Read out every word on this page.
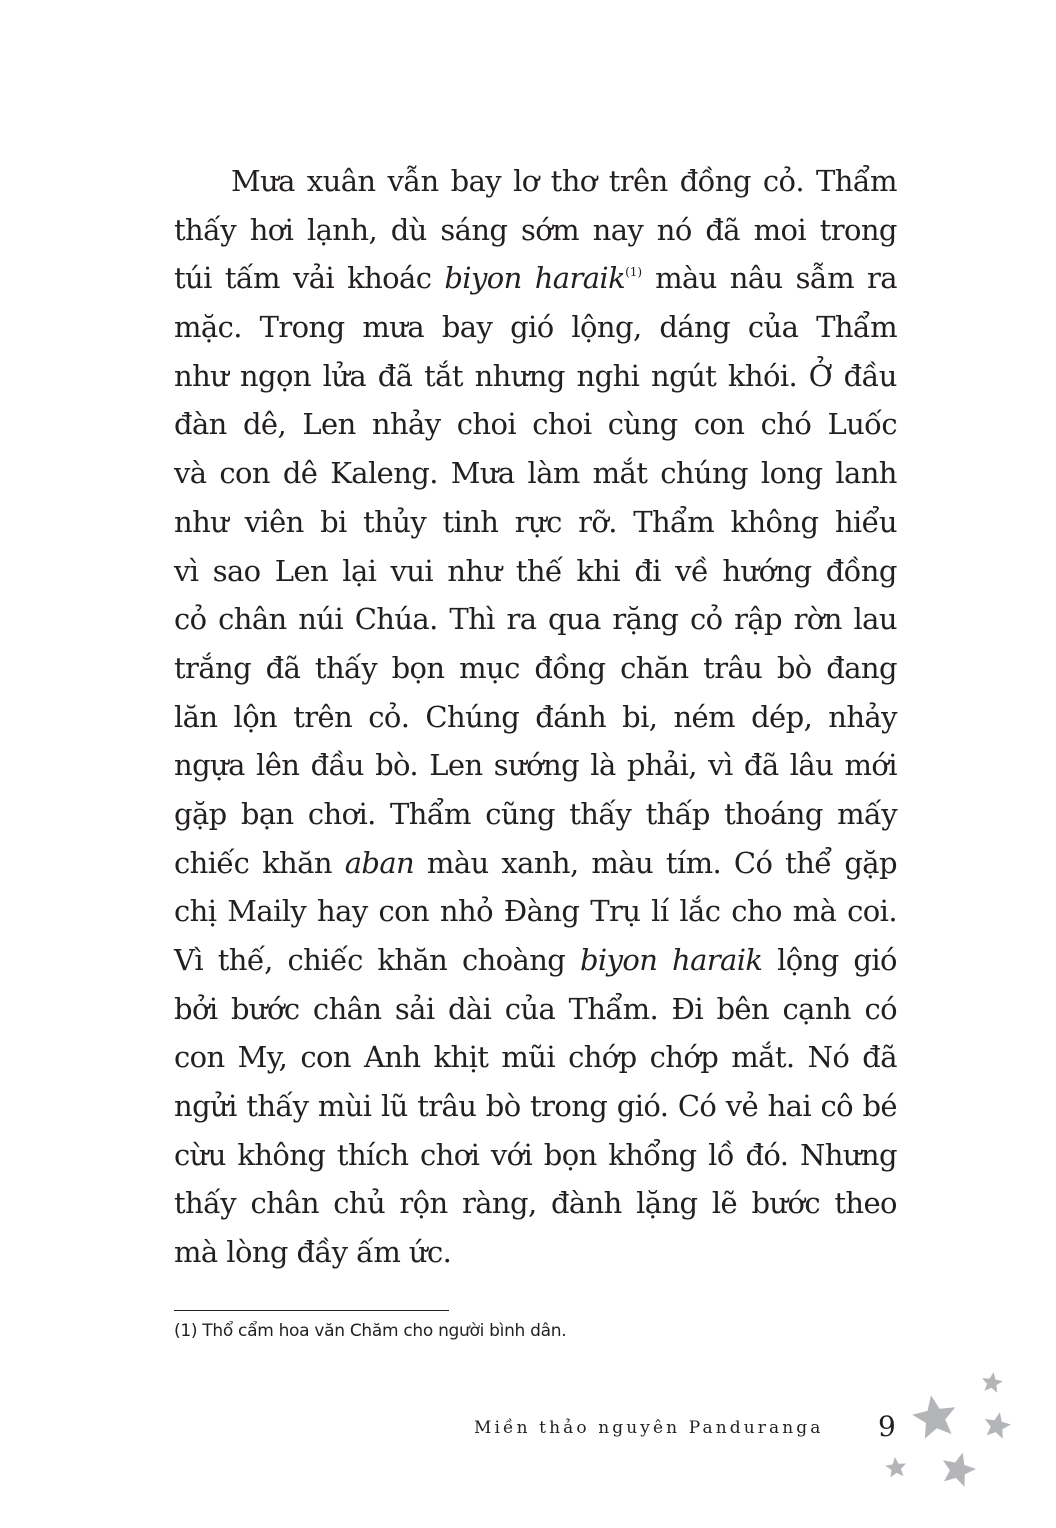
Mưa xuân vẫn bay lơ thơ trên đồng cỏ. Thẩm
thấy hơi lạnh, dù sáng sớm nay nó đã moi trong
túi tấm vải khoác biyon haraik$^{(1)}$ màu nâu sẫm ra
mặc. Trong mưa bay gió lộng, dáng của Thẩm
như ngọn lửa đã tắt nhưng nghi ngút khói. Ở đầu
đàn dê, Len nhảy choi choi cùng con chó Luốc
và con dê Kaleng. Mưa làm mắt chúng long lanh
như viên bi thủy tinh rực rỡ. Thẩm không hiểu
vì sao Len lại vui như thế khi đi về hướng đồng
cỏ chân núi Chúa. Thì ra qua rặng cỏ rập rờn lau
trắng đã thấy bọn mục đồng chăn trâu bò đang
lăn lộn trên cỏ. Chúng đánh bi, ném dép, nhảy
ngựa lên đầu bò. Len sướng là phải, vì đã lâu mới
gặp bạn chơi. Thẩm cũng thấy thấp thoáng mấy
chiếc khăn aban màu xanh, màu tím. Có thể gặp
chị Maily hay con nhỏ Đàng Trụ lí lắc cho mà coi.
Vì thế, chiếc khăn choàng biyon haraik lộng gió
bởi bước chân sải dài của Thẩm. Đi bên cạnh có
con My, con Anh khịt mũi chớp chớp mắt. Nó đã
ngửi thấy mùi lũ trâu bò trong gió. Có vẻ hai cô bé
cừu không thích chơi với bọn khổng lồ đó. Nhưng
thấy chân chủ rộn ràng, đành lặng lẽ bước theo
mà lòng đầy ấm ức.
(1) Thổ cẩm hoa văn Chăm cho người bình dân.
Miền thảo nguyên Panduranga 9
